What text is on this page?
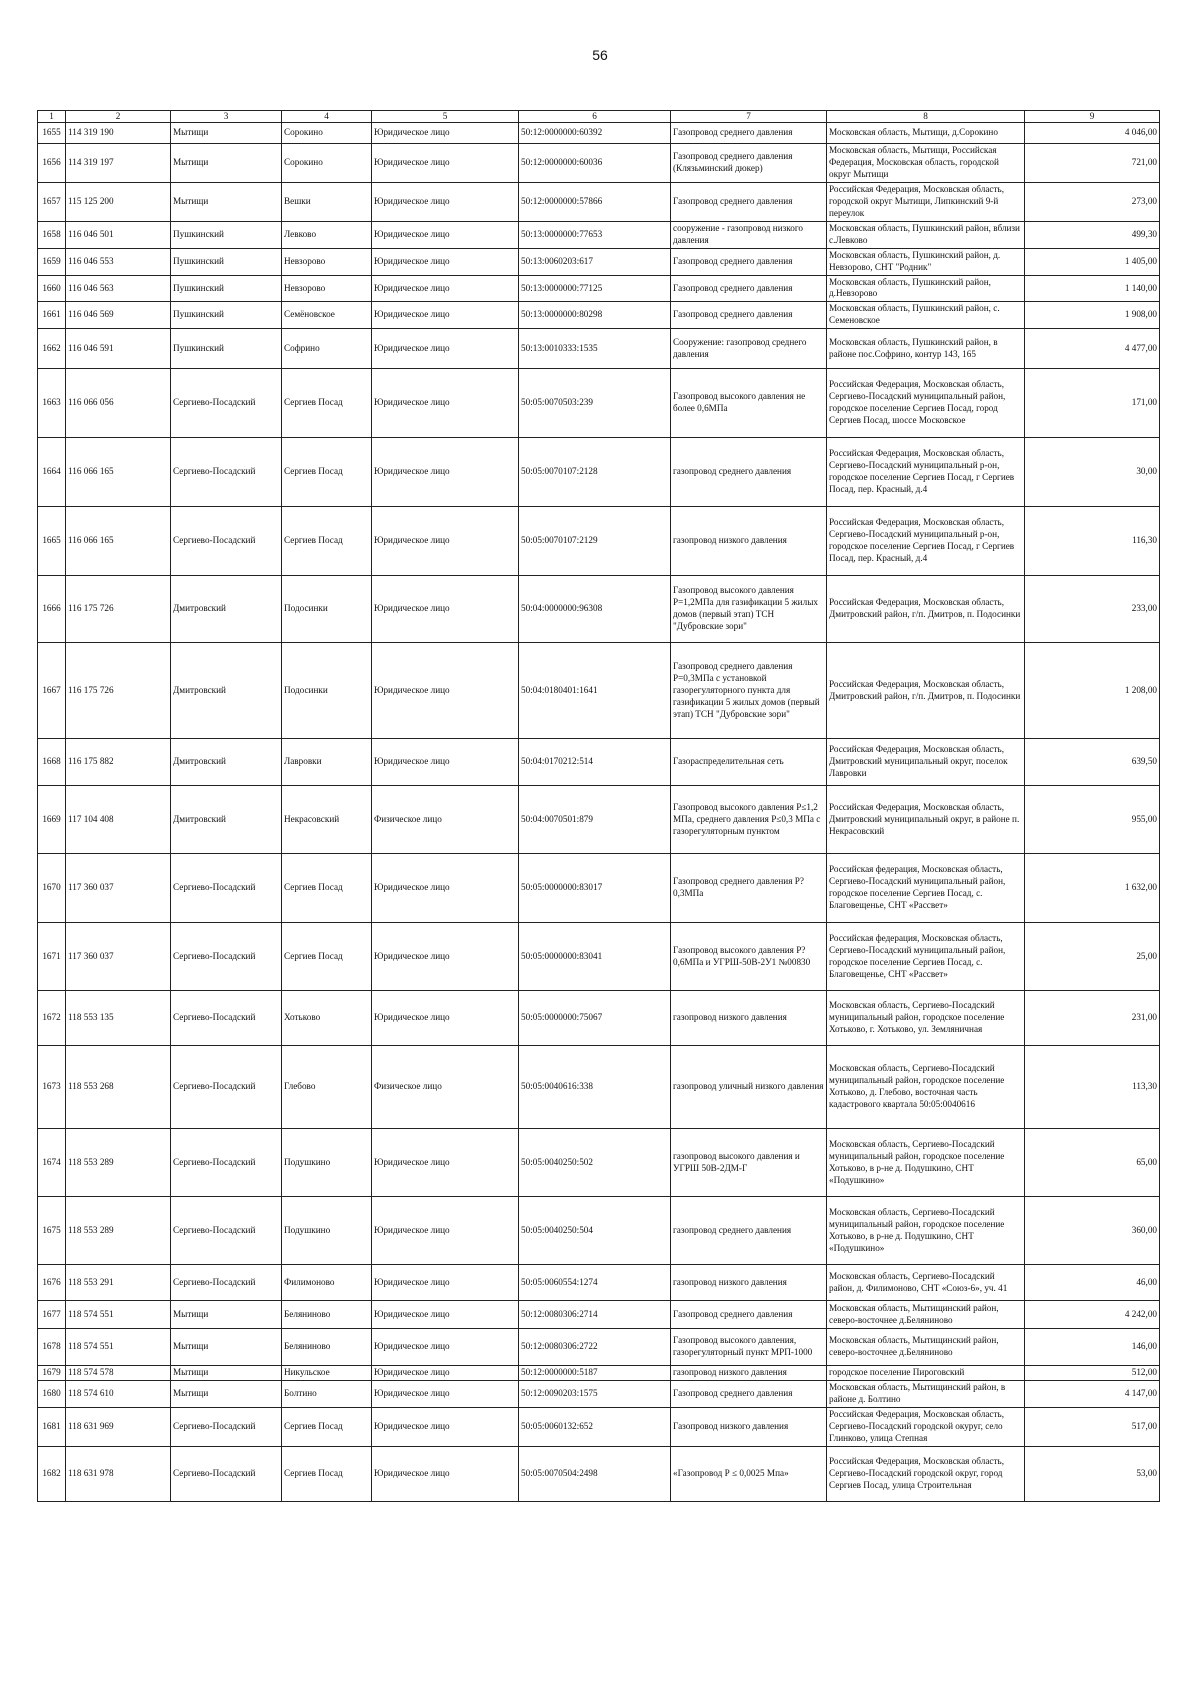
56
1	2	3	4	5	6	7	8	9
1655	114 319 190	Мытищи	Сорокино	Юридическое лицо	50:12:0000000:60392	Газопровод среднего давления	Московская область, Мытищи, д.Сорокино	4 046,00
1656	114 319 197	Мытищи	Сорокино	Юридическое лицо	50:12:0000000:60036	Газопровод среднего давления (Клязьминский дюкер)	Московская область, Мытищи, Российская Федерация, Московская область, городской округ Мытищи	721,00
1657	115 125 200	Мытищи	Вешки	Юридическое лицо	50:12:0000000:57866	Газопровод среднего давления	Российская Федерация, Московская область, городской округ Мытищи, Липкинский 9-й переулок	273,00
1658	116 046 501	Пушкинский	Левково	Юридическое лицо	50:13:0000000:77653	сооружение - газопровод низкого давления	Московская область, Пушкинский район, вблизи с.Левково	499,30
1659	116 046 553	Пушкинский	Невзорово	Юридическое лицо	50:13:0060203:617	Газопровод среднего давления	Московская область, Пушкинский район, д. Невзорово, СНТ "Родник"	1 405,00
1660	116 046 563	Пушкинский	Невзорово	Юридическое лицо	50:13:0000000:77125	Газопровод среднего давления	Московская область, Пушкинский район, д.Невзорово	1 140,00
1661	116 046 569	Пушкинский	Семёновское	Юридическое лицо	50:13:0000000:80298	Газопровод среднего давления	Московская область, Пушкинский район, с. Семеновское	1 908,00
1662	116 046 591	Пушкинский	Софрино	Юридическое лицо	50:13:0010333:1535	Сооружение: газопровод среднего давления	Московская область, Пушкинский район, в районе пос.Софрино, контур 143, 165	4 477,00
1663	116 066 056	Сергиево-Посадский	Сергиев Посад	Юридическое лицо	50:05:0070503:239	Газопровод высокого давления не более 0,6МПа	Российская Федерация, Московская область, Сергиево-Посадский муниципальный район, городское поселение Сергиев Посад, город Сергиев Посад, шоссе Московское	171,00
1664	116 066 165	Сергиево-Посадский	Сергиев Посад	Юридическое лицо	50:05:0070107:2128	газопровод среднего давления	Российская Федерация, Московская область, Сергиево-Посадский муниципальный р-он, городское поселение Сергиев Посад, г Сергиев Посад, пер. Красный, д.4	30,00
1665	116 066 165	Сергиево-Посадский	Сергиев Посад	Юридическое лицо	50:05:0070107:2129	газопровод низкого давления	Российская Федерация, Московская область, Сергиево-Посадский муниципальный р-он, городское поселение Сергиев Посад, г Сергиев Посад, пер. Красный, д.4	116,30
1666	116 175 726	Дмитровский	Подосинки	Юридическое лицо	50:04:0000000:96308	Газопровод высокого давления Р=1,2МПа для газификации 5 жилых домов (первый этап) ТСН "Дубровские зори"	Российская Федерация, Московская область, Дмитровский район, г/п. Дмитров, п. Подосинки	233,00
1667	116 175 726	Дмитровский	Подосинки	Юридическое лицо	50:04:0180401:1641	Газопровод среднего давления Р=0,3МПа с установкой газорегуляторного пункта для газификации 5 жилых домов (первый этап) ТСН "Дубровские зори"	Российская Федерация, Московская область, Дмитровский район, г/п. Дмитров, п. Подосинки	1 208,00
1668	116 175 882	Дмитровский	Лавровки	Юридическое лицо	50:04:0170212:514	Газораспределительная сеть	Российская Федерация, Московская область, Дмитровский муниципальный округ, поселок Лавровки	639,50
1669	117 104 408	Дмитровский	Некрасовский	Физическое лицо	50:04:0070501:879	Газопровод высокого давления Р≤1,2 МПа, среднего давления Р≤0,3 МПа с газорегуляторным пунктом	Российская Федерация, Московская область, Дмитровский муниципальный округ, в районе п. Некрасовский	955,00
1670	117 360 037	Сергиево-Посадский	Сергиев Посад	Юридическое лицо	50:05:0000000:83017	Газопровод среднего давления Р?0,3МПа	Российская федерация, Московская область, Сергиево-Посадский муниципальный район, городское поселение Сергиев Посад, с. Благовещенье, СНТ «Рассвет»	1 632,00
1671	117 360 037	Сергиево-Посадский	Сергиев Посад	Юридическое лицо	50:05:0000000:83041	Газопровод высокого давления Р?0,6МПа и УГРШ-50В-2У1 №00830	Российская федерация, Московская область, Сергиево-Посадский муниципальный район, городское поселение Сергиев Посад, с. Благовещенье, СНТ «Рассвет»	25,00
1672	118 553 135	Сергиево-Посадский	Хотьково	Юридическое лицо	50:05:0000000:75067	газопровод низкого давления	Московская область, Сергиево-Посадский муниципальный район, городское поселение Хотьково, г. Хотьково, ул. Земляничная	231,00
1673	118 553 268	Сергиево-Посадский	Глебово	Физическое лицо	50:05:0040616:338	газопровод уличный низкого давления	Московская область, Сергиево-Посадский муниципальный район, городское поселение Хотьково, д. Глебово, восточная часть кадастрового квартала 50:05:0040616	113,30
1674	118 553 289	Сергиево-Посадский	Подушкино	Юридическое лицо	50:05:0040250:502	газопровод высокого давления и УГРШ 50В-2ДМ-Г	Московская область, Сергиево-Посадский муниципальный район, городское поселение Хотьково, в р-не д. Подушкино, СНТ «Подушкино»	65,00
1675	118 553 289	Сергиево-Посадский	Подушкино	Юридическое лицо	50:05:0040250:504	газопровод среднего давления	Московская область, Сергиево-Посадский муниципальный район, городское поселение Хотьково, в р-не д. Подушкино, СНТ «Подушкино»	360,00
1676	118 553 291	Сергиево-Посадский	Филимоново	Юридическое лицо	50:05:0060554:1274	газопровод низкого давления	Московская область, Сергиево-Посадский район, д. Филимоново, СНТ «Союз-6», уч. 41	46,00
1677	118 574 551	Мытищи	Беляниново	Юридическое лицо	50:12:0080306:2714	Газопровод среднего давления	Московская область, Мытищинский район, северо-восточнее д.Беляниново	4 242,00
1678	118 574 551	Мытищи	Беляниново	Юридическое лицо	50:12:0080306:2722	Газопровод высокого давления, газорегуляторный пункт МРП-1000	Московская область, Мытищинский район, северо-восточнее д.Беляниново	146,00
1679	118 574 578	Мытищи	Никульское	Юридическое лицо	50:12:0000000:5187	газопровод низкого давления	городское поселение Пироговский	512,00
1680	118 574 610	Мытищи	Болтино	Юридическое лицо	50:12:0090203:1575	Газопровод среднего давления	Московская область, Мытищинский район, в районе д. Болтино	4 147,00
1681	118 631 969	Сергиево-Посадский	Сергиев Посад	Юридическое лицо	50:05:0060132:652	Газопровод низкого давления	Российская Федерация, Московская область, Сергиево-Посадский городской окуруг, село Глинково, улица Степная	517,00
1682	118 631 978	Сергиево-Посадский	Сергиев Посад	Юридическое лицо	50:05:0070504:2498	«Газопровод Р ≤ 0,0025 Мпа»	Российская Федерация, Московская область, Сергиево-Посадский городской округ, город Сергиев Посад, улица Строительная	53,00
